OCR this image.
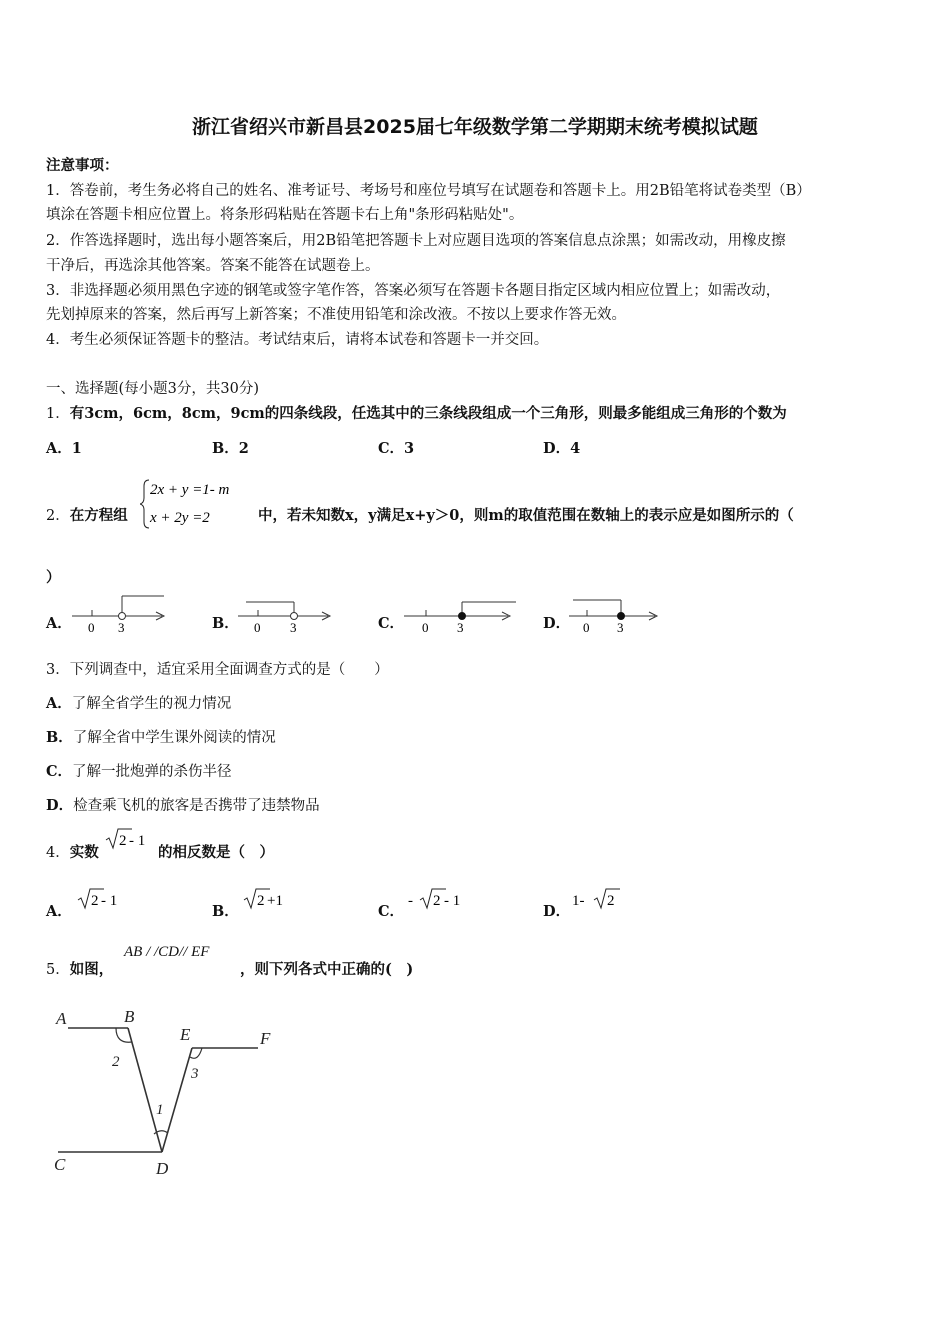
浙江省绍兴市新昌县2025届七年级数学第二学期期末统考模拟试题
注意事项：
1．答卷前，考生务必将自己的姓名、准考证号、考场号和座位号填写在试题卷和答题卡上。用2B铅笔将试卷类型（B）
填涂在答题卡相应位置上。将条形码粘贴在答题卡右上角"条形码粘贴处"。
2．作答选择题时，选出每小题答案后，用2B铅笔把答题卡上对应题目选项的答案信息点涂黑；如需改动，用橡皮擦
干净后，再选涂其他答案。答案不能答在试题卷上。
3．非选择题必须用黑色字迹的钢笔或签字笔作答，答案必须写在答题卡各题目指定区域内相应位置上；如需改动，
先划掉原来的答案，然后再写上新答案；不准使用铅笔和涂改液。不按以上要求作答无效。
4．考生必须保证答题卡的整洁。考试结束后，请将本试卷和答题卡一并交回。
一、选择题(每小题3分，共30分)
1．有3cm，6cm，8cm，9cm的四条线段，任选其中的三条线段组成一个三角形，则最多能组成三角形的个数为
A．1	B．2	C．3	D．4
2．在方程组
2x + y =1- m
x + 2y =2	中，若未知数x，y满足x+y＞0，则m的取值范围在数轴上的表示应是如图所示的（
）
A． 0 3	B． 0 3	C． 0 3	D． 0 3
3．下列调查中，适宜采用全面调查方式的是（　　）
A．了解全省学生的视力情况
B．了解全省中学生课外阅读的情况
C．了解一批炮弹的杀伤半径
D．检查乘飞机的旅客是否携带了违禁物品
4．实数
2 - 1
的相反数是（　）
A．
2 - 1
B．
2 +1
C．
- 2 - 1
D．
1- 2
5．如图，
AB / /CD// EF
，则下列各式中正确的(　)
A	B
E	F
C	D
2
3
1
